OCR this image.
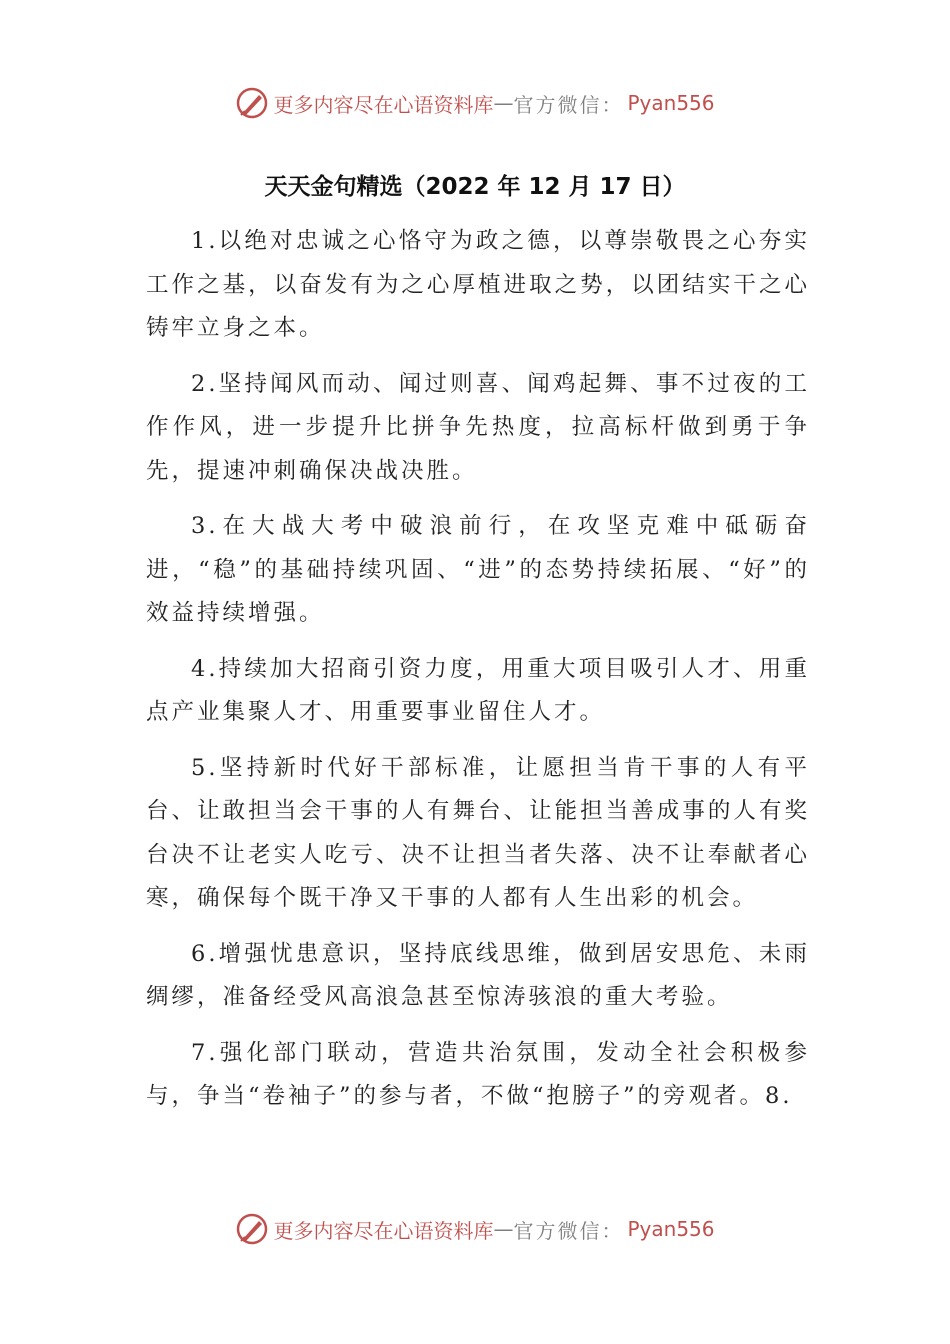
更多内容尽在心语资料库 — 官方微信： Pyan556
天天金句精选（2022 年 12 月 17 日）

1.以绝对忠诚之心恪守为政之德，以尊崇敬畏之心夯实工作之基，以奋发有为之心厚植进取之势，以团结实干之心铸牢立身之本。

2.坚持闻风而动、闻过则喜、闻鸡起舞、事不过夜的工作作风，进一步提升比拼争先热度，拉高标杆做到勇于争先，提速冲刺确保决战决胜。

3.在大战大考中破浪前行，在攻坚克难中砥砺奋进，“稳”的基础持续巩固、“进”的态势持续拓展、“好”的效益持续增强。

4.持续加大招商引资力度，用重大项目吸引人才、用重点产业集聚人才、用重要事业留住人才。

5.坚持新时代好干部标准，让愿担当肯干事的人有平台、让敢担当会干事的人有舞台、让能担当善成事的人有奖台决不让老实人吃亏、决不让担当者失落、决不让奉献者心寒，确保每个既干净又干事的人都有人生出彩的机会。

6.增强忧患意识，坚持底线思维，做到居安思危、未雨绸缪，准备经受风高浪急甚至惊涛骇浪的重大考验。

7.强化部门联动，营造共治氛围，发动全社会积极参与，争当“卷袖子”的参与者，不做“抱膀子”的旁观者。8.

更多内容尽在心语资料库 — 官方微信： Pyan556
